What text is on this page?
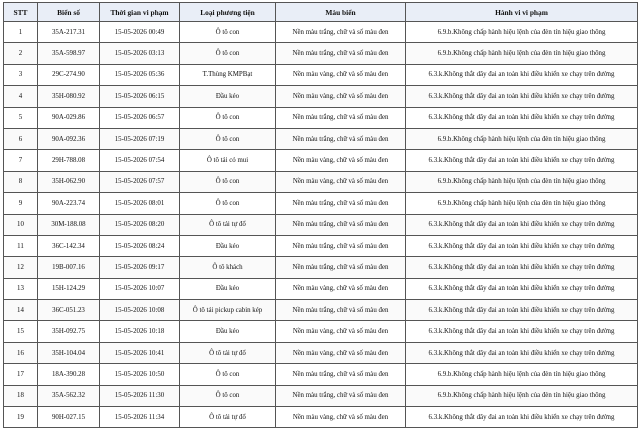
STT	Biển số	Thời gian vi phạm	Loại phương tiện	Màu biển	Hành vi vi phạm
1	35A-217.31	15-05-2026 00:49	Ô tô con	Nền màu trắng, chữ và số màu đen	6.9.b.Không chấp hành hiệu lệnh của đèn tín hiệu giao thông
2	35A-598.97	15-05-2026 03:13	Ô tô con	Nền màu trắng, chữ và số màu đen	6.9.b.Không chấp hành hiệu lệnh của đèn tín hiệu giao thông
3	29C-274.90	15-05-2026 05:36	T.Thùng KMPBạt	Nền màu vàng, chữ và số màu đen	6.3.k.Không thắt dây đai an toàn khi điều khiển xe chạy trên đường
4	35H-080.92	15-05-2026 06:15	Đầu kéo	Nền màu vàng, chữ và số màu đen	6.3.k.Không thắt dây đai an toàn khi điều khiển xe chạy trên đường
5	90A-029.86	15-05-2026 06:57	Ô tô con	Nền màu trắng, chữ và số màu đen	6.3.k.Không thắt dây đai an toàn khi điều khiển xe chạy trên đường
6	90A-092.36	15-05-2026 07:19	Ô tô con	Nền màu trắng, chữ và số màu đen	6.9.b.Không chấp hành hiệu lệnh của đèn tín hiệu giao thông
7	29H-788.08	15-05-2026 07:54	Ô tô tải có mui	Nền màu vàng, chữ và số màu đen	6.3.k.Không thắt dây đai an toàn khi điều khiển xe chạy trên đường
8	35H-062.90	15-05-2026 07:57	Ô tô con	Nền màu vàng, chữ và số màu đen	6.9.b.Không chấp hành hiệu lệnh của đèn tín hiệu giao thông
9	90A-223.74	15-05-2026 08:01	Ô tô con	Nền màu trắng, chữ và số màu đen	6.9.b.Không chấp hành hiệu lệnh của đèn tín hiệu giao thông
10	30M-188.08	15-05-2026 08:20	Ô tô tải tự đổ	Nền màu trắng, chữ và số màu đen	6.3.k.Không thắt dây đai an toàn khi điều khiển xe chạy trên đường
11	36C-142.34	15-05-2026 08:24	Đầu kéo	Nền màu trắng, chữ và số màu đen	6.3.k.Không thắt dây đai an toàn khi điều khiển xe chạy trên đường
12	19B-007.16	15-05-2026 09:17	Ô tô khách	Nền màu trắng, chữ và số màu đen	6.3.k.Không thắt dây đai an toàn khi điều khiển xe chạy trên đường
13	15H-124.29	15-05-2026 10:07	Đầu kéo	Nền màu vàng, chữ và số màu đen	6.3.k.Không thắt dây đai an toàn khi điều khiển xe chạy trên đường
14	36C-051.23	15-05-2026 10:08	Ô tô tải pickup cabin kép	Nền màu trắng, chữ và số màu đen	6.3.k.Không thắt dây đai an toàn khi điều khiển xe chạy trên đường
15	35H-092.75	15-05-2026 10:18	Đầu kéo	Nền màu vàng, chữ và số màu đen	6.3.k.Không thắt dây đai an toàn khi điều khiển xe chạy trên đường
16	35H-104.04	15-05-2026 10:41	Ô tô tải tự đổ	Nền màu vàng, chữ và số màu đen	6.3.k.Không thắt dây đai an toàn khi điều khiển xe chạy trên đường
17	18A-390.28	15-05-2026 10:50	Ô tô con	Nền màu trắng, chữ và số màu đen	6.9.b.Không chấp hành hiệu lệnh của đèn tín hiệu giao thông
18	35A-562.32	15-05-2026 11:30	Ô tô con	Nền màu trắng, chữ và số màu đen	6.9.b.Không chấp hành hiệu lệnh của đèn tín hiệu giao thông
19	90H-027.15	15-05-2026 11:34	Ô tô tải tự đổ	Nền màu vàng, chữ và số màu đen	6.3.k.Không thắt dây đai an toàn khi điều khiển xe chạy trên đường
